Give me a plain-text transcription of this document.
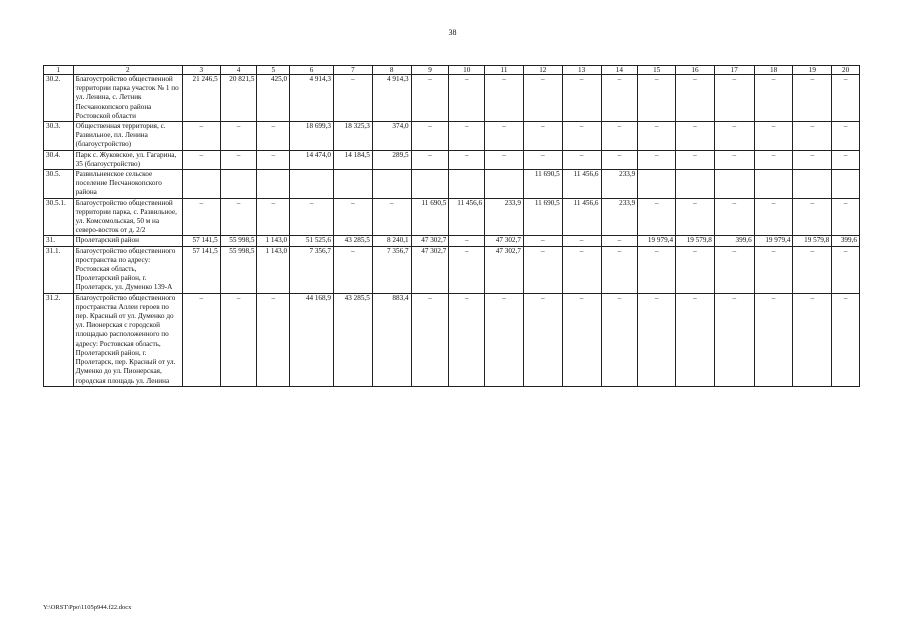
38
1	2	3	4	5	6	7	8	9	10	11	12	13	14	15	16	17	18	19	20
30.2.	Благоустройство общественной территории парка участок № 1 по ул. Ленина, с. Летник Песчанокопского района Ростовской области	21 246,5	20 821,5	425,0	4 914,3	–	4 914,3	–	–	–	–	–	–	–	–	–	–	–	–
30.3.	Общественная территория, с. Развильное, пл. Ленина (благоустройство)	–	–	–	18 699,3	18 325,3	374,0	–	–	–	–	–	–	–	–	–	–	–	–
30.4.	Парк с. Жуковское, ул. Гагарина, 35 (благоустройство)	–	–	–	14 474,0	14 184,5	289,5	–	–	–	–	–	–	–	–	–	–	–	–
30.5.	Развильненское сельское поселение Песчанокопского района										11 690,5	11 456,6	233,9						
30.5.1.	Благоустройство общественной территории парка, с. Развильное, ул. Комсомольская, 50 м на северо-восток от д. 2/2	–	–	–	–	–	–	11 690,5	11 456,6	233,9	11 690,5	11 456,6	233,9	–	–	–	–	–	–
31.	Пролетарский район	57 141,5	55 998,5	1 143,0	51 525,6	43 285,5	8 240,1	47 302,7	–	47 302,7	–	–	–	19 979,4	19 579,8	399,6	19 979,4	19 579,8	399,6
31.1.	Благоустройство общественного пространства по адресу: Ростовская область, Пролетарский район, г. Пролетарск, ул. Думенко 139-А	57 141,5	55 998,5	1 143,0	7 356,7	–	7 356,7	47 302,7	–	47 302,7	–	–	–	–	–	–	–	–	–
31.2.	Благоустройство общественного пространства Аллеи героев по пер. Красный от ул. Думенко до ул. Пионерская с городской площадью расположенного по адресу: Ростовская область, Пролетарский район, г. Пролетарск, пер. Красный от ул. Думенко до ул. Пионерская, городская площадь ул. Ленина	–	–	–	44 168,9	43 285,5	883,4	–	–	–	–	–	–	–	–	–	–	–	–
Y:\ORST\Ppo\1105p944.f22.docx
